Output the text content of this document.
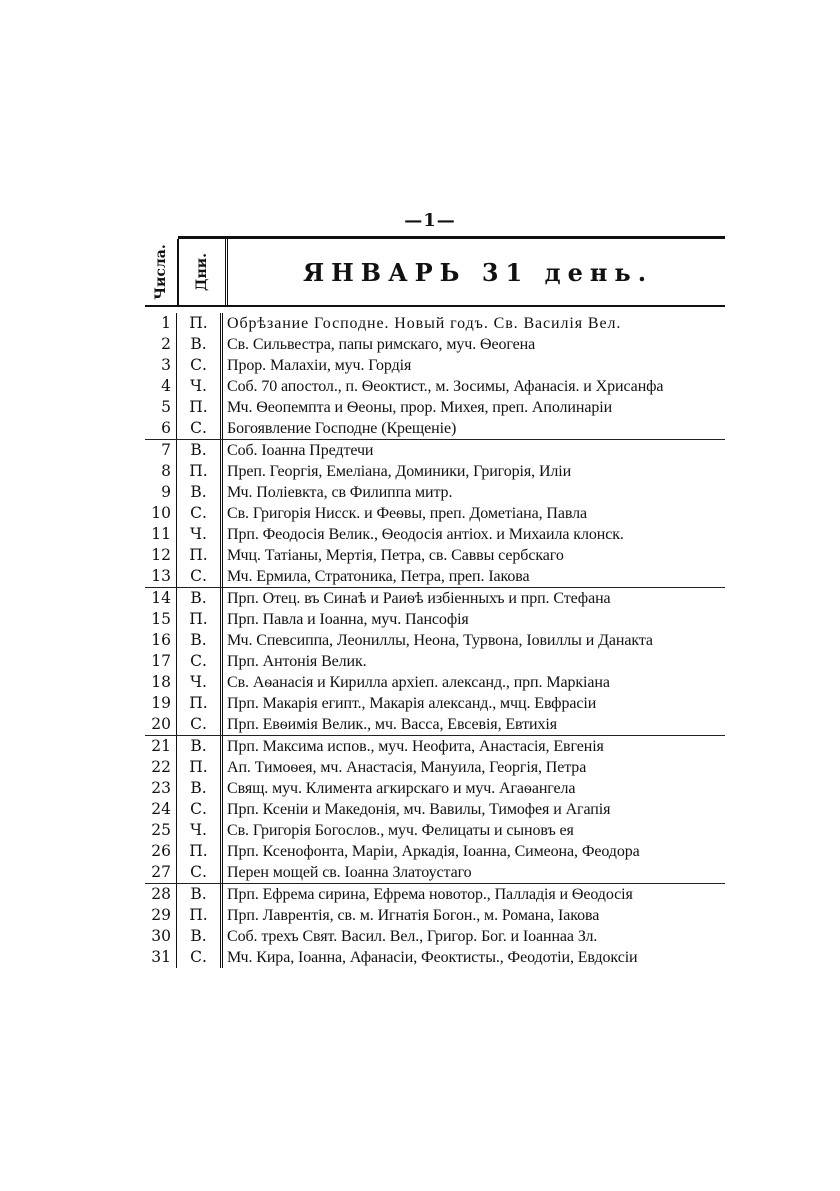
—1—
Числа. Дни.	ЯНВАРЬ 31 день.
1	П.	Обрѣзание Господне. Новый годъ. Св. Василія Вел.
2	В.	Св. Сильвестра, папы римскаго, муч. Ѳеогена
3	С.	Прор. Малахіи, муч. Гордія
4	Ч.	Соб. 70 апостол., п. Ѳеоктист., м. Зосимы, Афанасія. и Хрисанфа
5	П.	Мч. Ѳеопемпта и Ѳеоны, прор. Михея, преп. Аполинаріи
6	С.	Богоявление Господне (Крещеніе)
7	В.	Соб. Іоанна Предтечи
8	П.	Преп. Георгія, Емеліана, Доминики, Григорія, Иліи
9	В.	Мч. Поліевкта, св Филиппа митр.
10	С.	Св. Григорія Нисск. и Феѳвы, преп. Дометіана, Павла
11	Ч.	Прп. Феодосія Велик., Ѳеодосія антіох. и Михаила клонск.
12	П.	Мчц. Татіаны, Мертія, Петра, св. Саввы сербскаго
13	С.	Мч. Ермила, Стратоника, Петра, преп. Іакова
14	В.	Прп. Отец. въ Синаѣ и Раиѳѣ избіенныхъ и прп. Стефана
15	П.	Прп. Павла и Іоанна, муч. Пансофія
16	В.	Мч. Спевсиппа, Леониллы, Неона, Турвона, Іовиллы и Данакта
17	С.	Прп. Антонія Велик.
18	Ч.	Св. Аѳанасія и Кирилла архіеп. александ., прп. Маркіана
19	П.	Прп. Макарія египт., Макарія александ., мчц. Евфрасіи
20	С.	Прп. Евѳимія Велик., мч. Васса, Евсевія, Евтихія
21	В.	Прп. Максима испов., муч. Неофита, Анастасія, Евгенія
22	П.	Ап. Тимоѳея, мч. Анастасія, Мануила, Георгія, Петра
23	В.	Свящ. муч. Климента агкирскаго и муч. Агаѳангела
24	С.	Прп. Ксеніи и Македонія, мч. Вавилы, Тимофея и Агапія
25	Ч.	Св. Григорія Богослов., муч. Фелицаты и сыновъ ея
26	П.	Прп. Ксенофонта, Маріи, Аркадія, Іоанна, Симеона, Феодора
27	С.	Перен мощей св. Іоанна Златоустаго
28	В.	Прп. Ефрема сирина, Ефрема новотор., Палладія и Ѳеодосія
29	П.	Прп. Лаврентія, св. м. Игнатія Богон., м. Романа, Іакова
30	В.	Соб. трехъ Свят. Васил. Вел., Григор. Бог. и Іоаннаа Зл.
31	С.	Мч. Кира, Іоанна, Афанасіи, Феоктисты., Феодотіи, Евдоксіи
